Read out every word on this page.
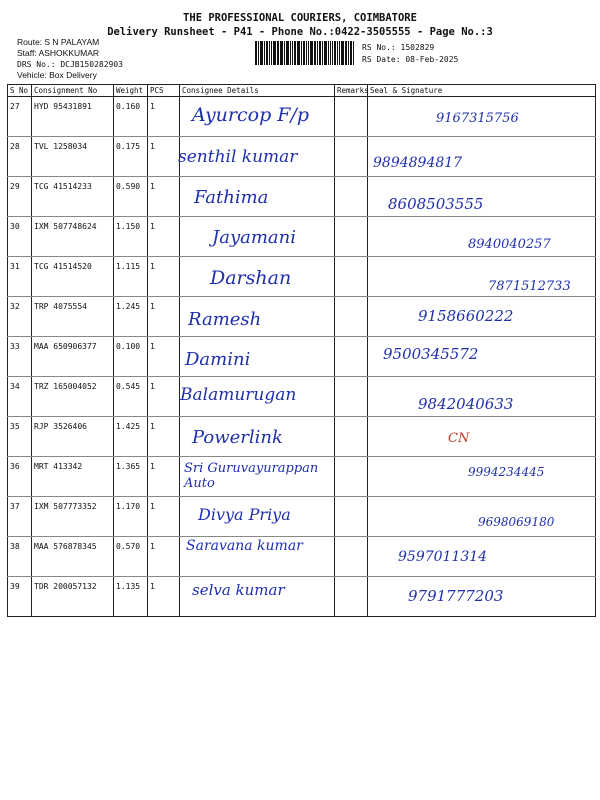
THE PROFESSIONAL COURIERS, COIMBATORE
Delivery Runsheet - P41 - Phone No.:0422-3505555 - Page No.:3
Route: S N PALAYAM
Staff: ASHOKKUMAR
DRS No.: DCJB150282903
Vehicle: Box Delivery
RS No.: 1502829
RS Date: 08-Feb-2025
S No	Consignment No	Weight	PCS	Consignee Details	Remarks	Seal & Signature
27	HYD 95431891	0.160	1	Ayurcop F/p		9167315756

28	TVL 1258034	0.175	1	senthil kumar		9894894817

29	TCG 41514233	0.590	1	Fathima		8608503555

30	IXM 507748624	1.150	1	Jayamani		8940040257

31	TCG 41514520	1.115	1	Darshan		7871512733

32	TRP 4075554	1.245	1	Ramesh		9158660222

33	MAA 650906377	0.100	1	Damini		9500345572

34	TRZ 165004052	0.545	1	Balamurugan		9842040633

35	RJP 3526406	1.425	1	Powerlink		CN

36	MRT 413342	1.365	1	Sri Guruvayurappan Auto		9994234445

37	IXM 507773352	1.170	1	Divya Priya		9698069180

38	MAA 576878345	0.570	1	Saravana kumar		9597011314

39	TDR 200057132	1.135	1	selva kumar		9791777203
